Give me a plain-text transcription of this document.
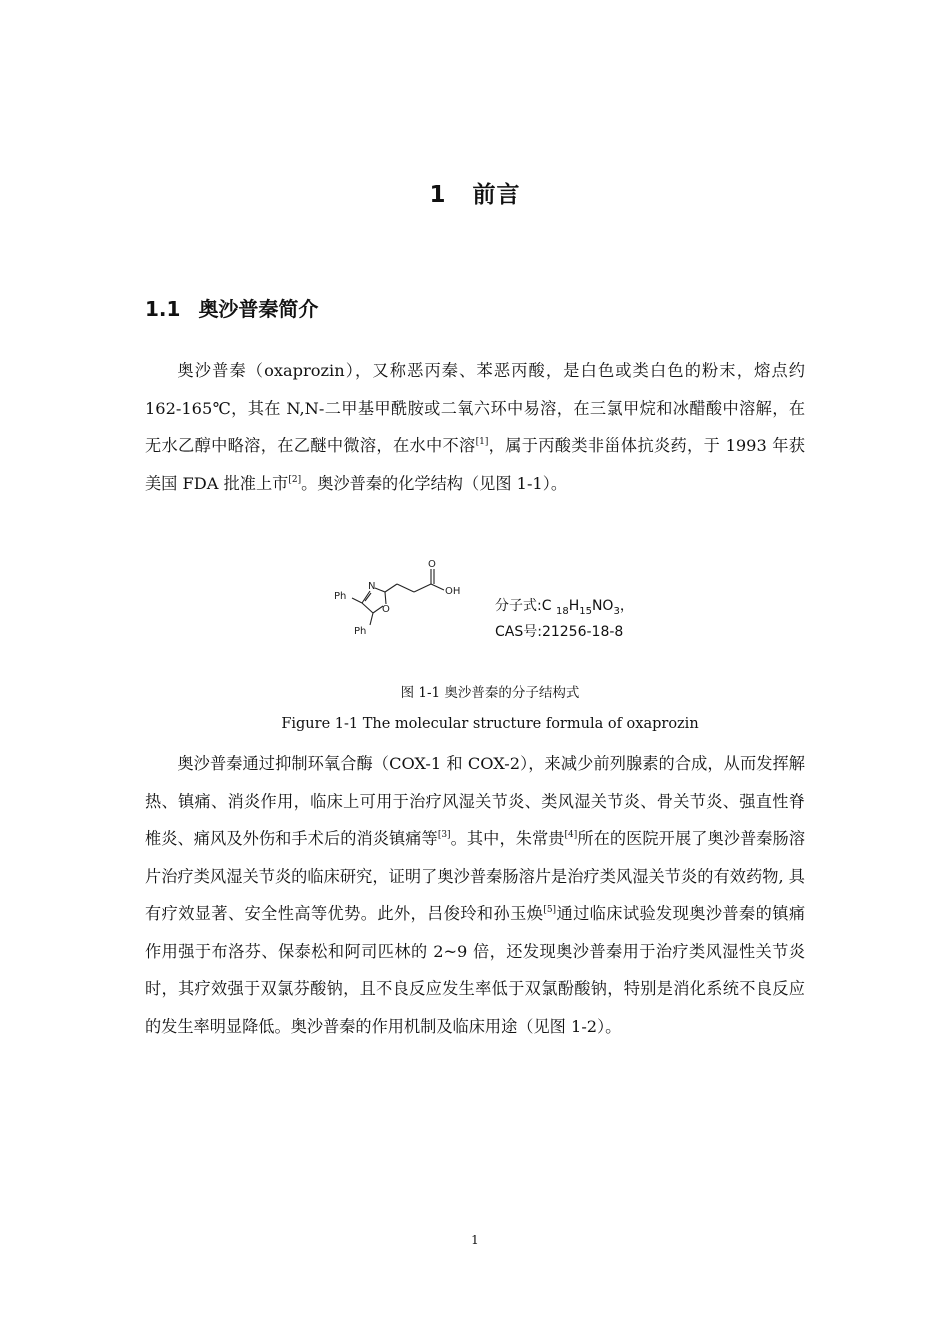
1 前言
1.1 奥沙普秦简介

奥沙普秦（oxaprozin），又称恶丙秦、苯恶丙酸，是白色或类白色的粉末，熔点约 162-165℃，其在 N,N-二甲基甲酰胺或二氧六环中易溶，在三氯甲烷和冰醋酸中溶解，在无水乙醇中略溶，在乙醚中微溶，在水中不溶[1]，属于丙酸类非甾体抗炎药，于 1993 年获美国 FDA 批准上市[2]。奥沙普秦的化学结构（见图 1-1）。

N
O
O
OH
Ph
Ph
分子式:C $_{18}H_{15}NO_3$，
CAS号:21256-18-8
图 1-1 奥沙普秦的分子结构式
Figure 1-1 The molecular structure formula of oxaprozin

奥沙普秦通过抑制环氧合酶（COX-1 和 COX-2），来减少前列腺素的合成，从而发挥解热、镇痛、消炎作用，临床上可用于治疗风湿关节炎、类风湿关节炎、骨关节炎、强直性脊椎炎、痛风及外伤和手术后的消炎镇痛等[3]。其中，朱常贵[4]所在的医院开展了奥沙普秦肠溶片治疗类风湿关节炎的临床研究，证明了奥沙普秦肠溶片是治疗类风湿关节炎的有效药物, 具有疗效显著、安全性高等优势。此外，吕俊玲和孙玉焕[5]通过临床试验发现奥沙普秦的镇痛作用强于布洛芬、保泰松和阿司匹林的 2~9 倍，还发现奥沙普秦用于治疗类风湿性关节炎时，其疗效强于双氯芬酸钠，且不良反应发生率低于双氯酚酸钠，特别是消化系统不良反应的发生率明显降低。奥沙普秦的作用机制及临床用途（见图 1-2）。

1
